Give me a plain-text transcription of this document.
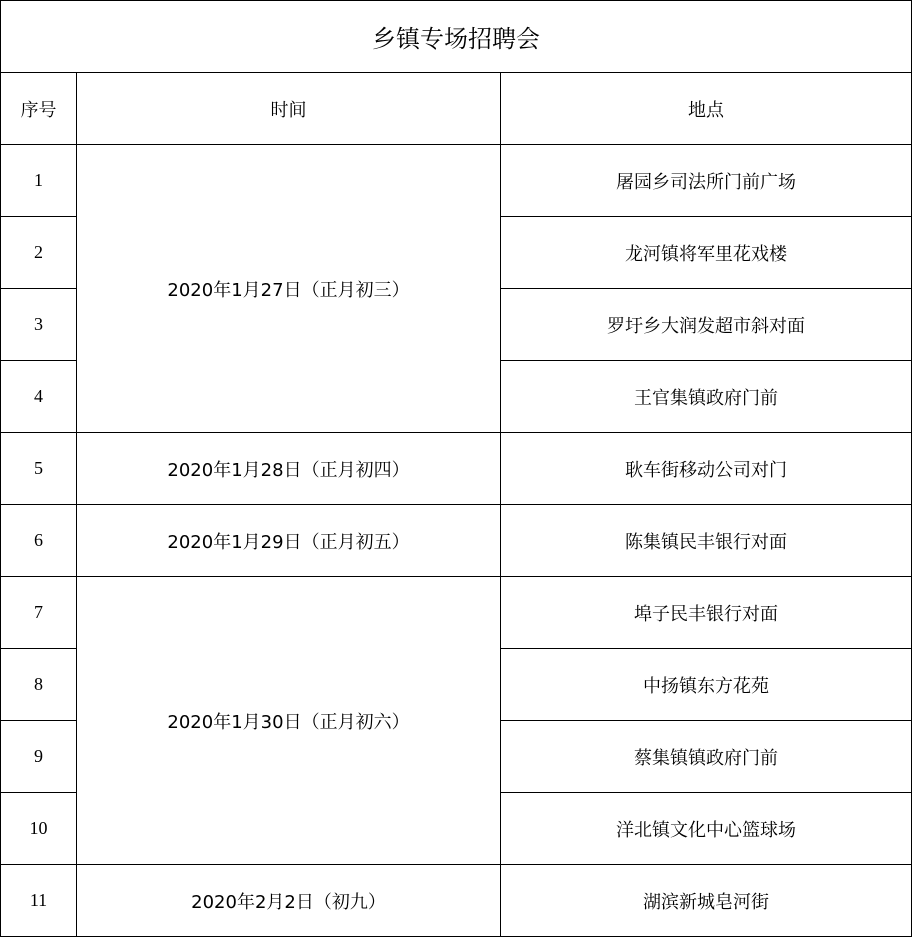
乡镇专场招聘会		
序号	时间	地点
1	2020年1月27日（正月初三）	屠园乡司法所门前广场
2		龙河镇将军里花戏楼
3		罗圩乡大润发超市斜对面
4		王官集镇政府门前
5	2020年1月28日（正月初四）	耿车街移动公司对门
6	2020年1月29日（正月初五）	陈集镇民丰银行对面
7	2020年1月30日（正月初六）	埠子民丰银行对面
8		中扬镇东方花苑
9		蔡集镇镇政府门前
10		洋北镇文化中心篮球场
11	2020年2月2日（初九）	湖滨新城皂河街
